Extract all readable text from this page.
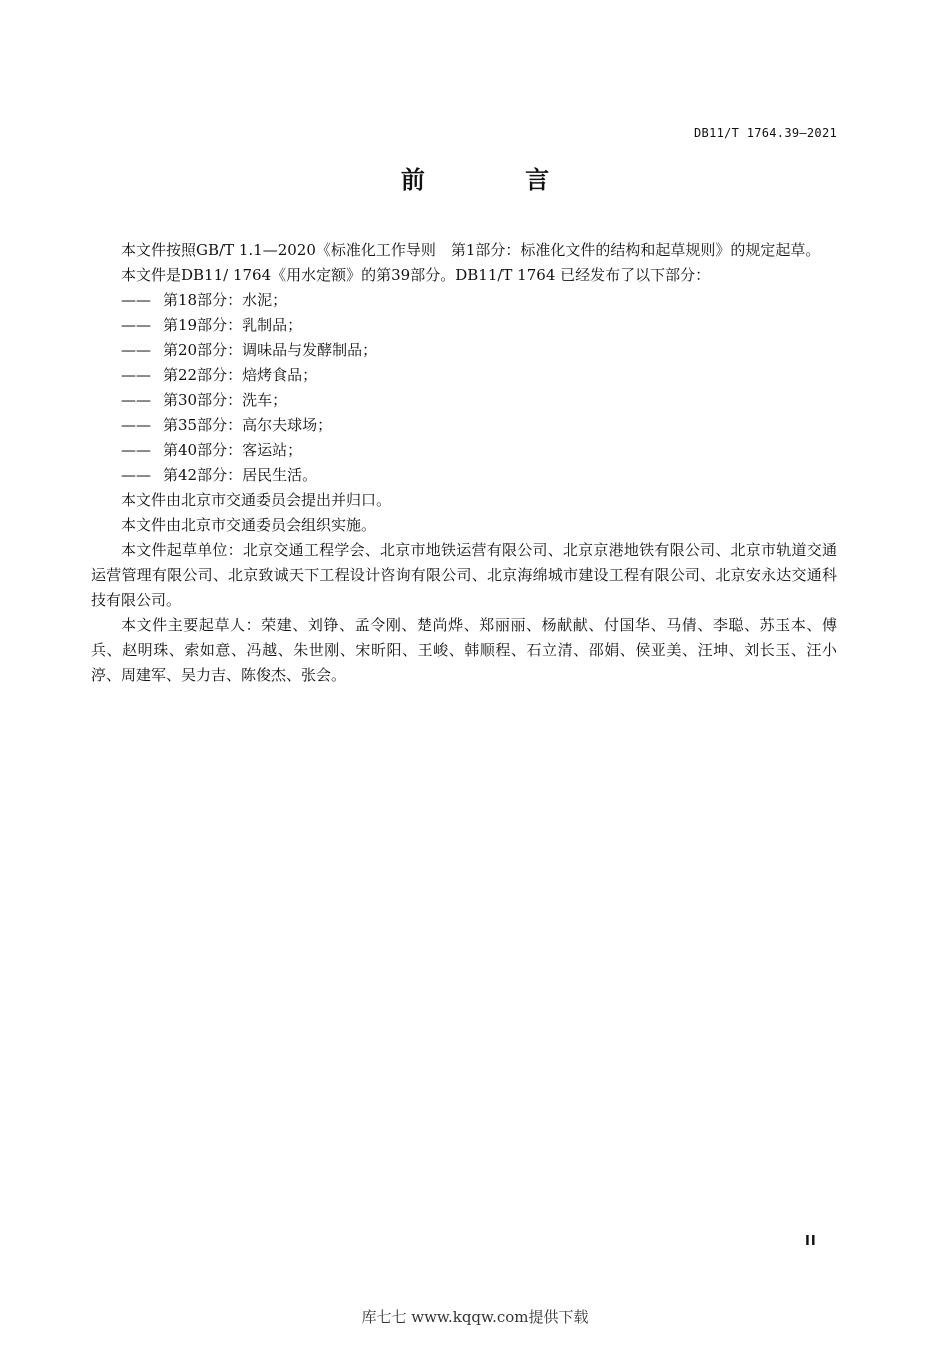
DB11/T 1764.39—2021
前 言

本文件按照GB/T 1.1—2020《标准化工作导则　第1部分：标准化文件的结构和起草规则》的规定起草。

本文件是DB11/ 1764《用水定额》的第39部分。DB11/T 1764 已经发布了以下部分：

—— 第18部分：水泥；

—— 第19部分：乳制品；

—— 第20部分：调味品与发酵制品；

—— 第22部分：焙烤食品；

—— 第30部分：洗车；

—— 第35部分：高尔夫球场；

—— 第40部分：客运站；

—— 第42部分：居民生活。

本文件由北京市交通委员会提出并归口。

本文件由北京市交通委员会组织实施。

本文件起草单位：北京交通工程学会、北京市地铁运营有限公司、北京京港地铁有限公司、北京市轨道交通运营管理有限公司、北京致诚天下工程设计咨询有限公司、北京海绵城市建设工程有限公司、北京安永达交通科技有限公司。

本文件主要起草人：荣建、刘铮、孟令刚、楚尚烨、郑丽丽、杨献献、付国华、马倩、李聪、苏玉本、傅兵、赵明珠、索如意、冯越、朱世刚、宋昕阳、王峻、韩顺程、石立清、邵娟、侯亚美、汪坤、刘长玉、汪小渟、周建军、吴力吉、陈俊杰、张会。

II
库七七 www.kqqw.com提供下载
